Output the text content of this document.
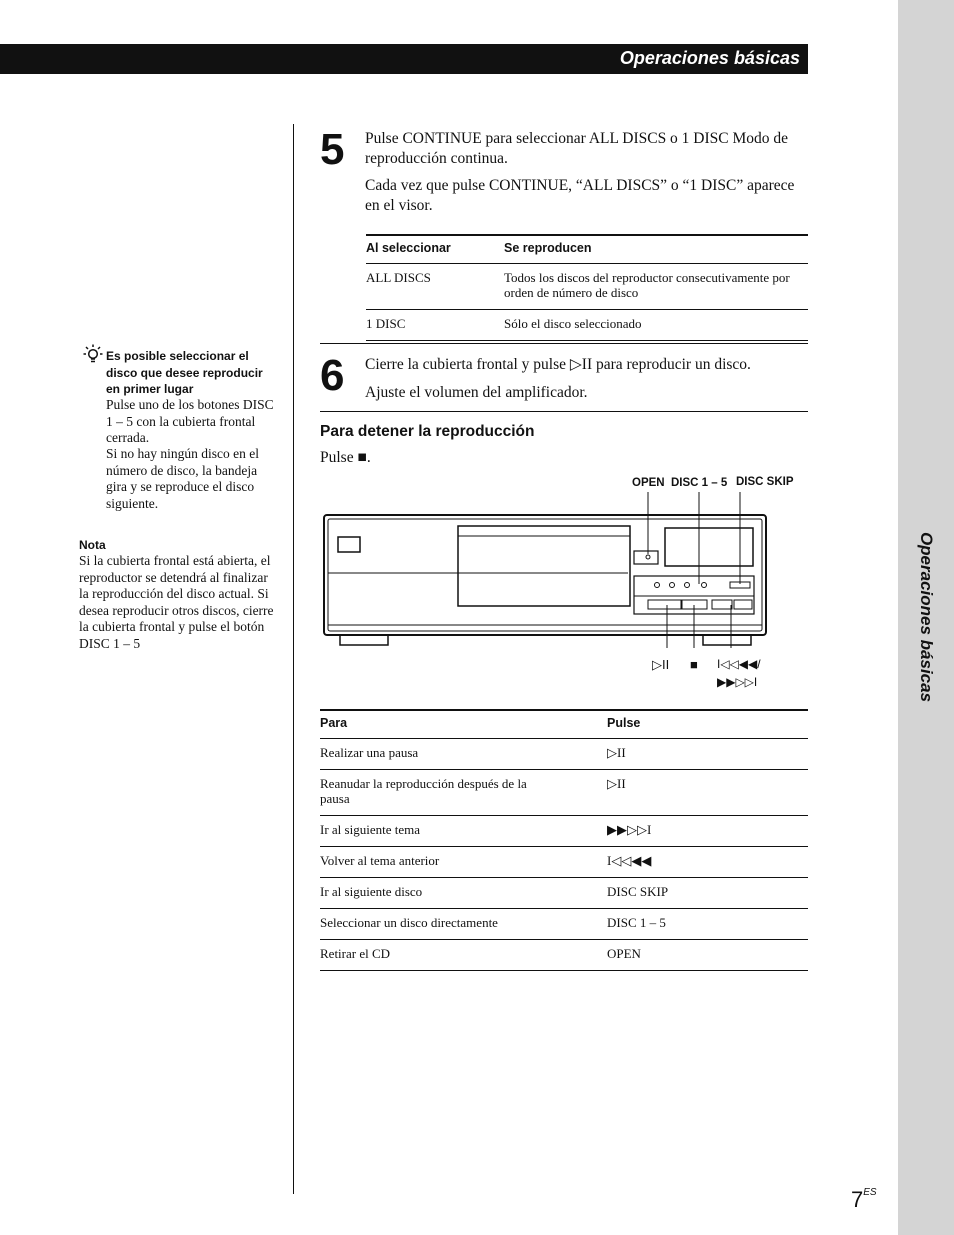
Operaciones básicas
Operaciones básicas
5 Pulse CONTINUE para seleccionar ALL DISCS o 1 DISC Modo de reproducción continua.
Cada vez que pulse CONTINUE, “ALL DISCS” o “1 DISC” aparece en el visor.
Al seleccionar	Se reproducen
ALL DISCS	Todos los discos del reproductor consecutivamente por orden de número de disco
1 DISC	Sólo el disco seleccionado
6 Cierre la cubierta frontal y pulse ▷II para reproducir un disco.
Ajuste el volumen del amplificador.
Es posible seleccionar el disco que desee reproducir en primer lugar
Pulse uno de los botones DISC 1 – 5 con la cubierta frontal cerrada.
Si no hay ningún disco en el número de disco, la bandeja gira y se reproduce el disco siguiente.
Nota
Si la cubierta frontal está abierta, el reproductor se detendrá al finalizar la reproducción del disco actual. Si desea reproducir otros discos, cierre la cubierta frontal y pulse el botón DISC 1 – 5
Para detener la reproducción
Pulse ■.
OPEN DISC 1 – 5 DISC SKIP
▷II ■ I◁◁◀◀/
▶▶▷▷I
Para	Pulse
Realizar una pausa	▷II
Reanudar la reproducción después de la pausa	▷II
Ir al siguiente tema	▶▶▷▷I
Volver al tema anterior	I◁◁◀◀
Ir al siguiente disco	DISC SKIP
Seleccionar un disco directamente	DISC 1 – 5
Retirar el CD	OPEN
$7^{ES}$
